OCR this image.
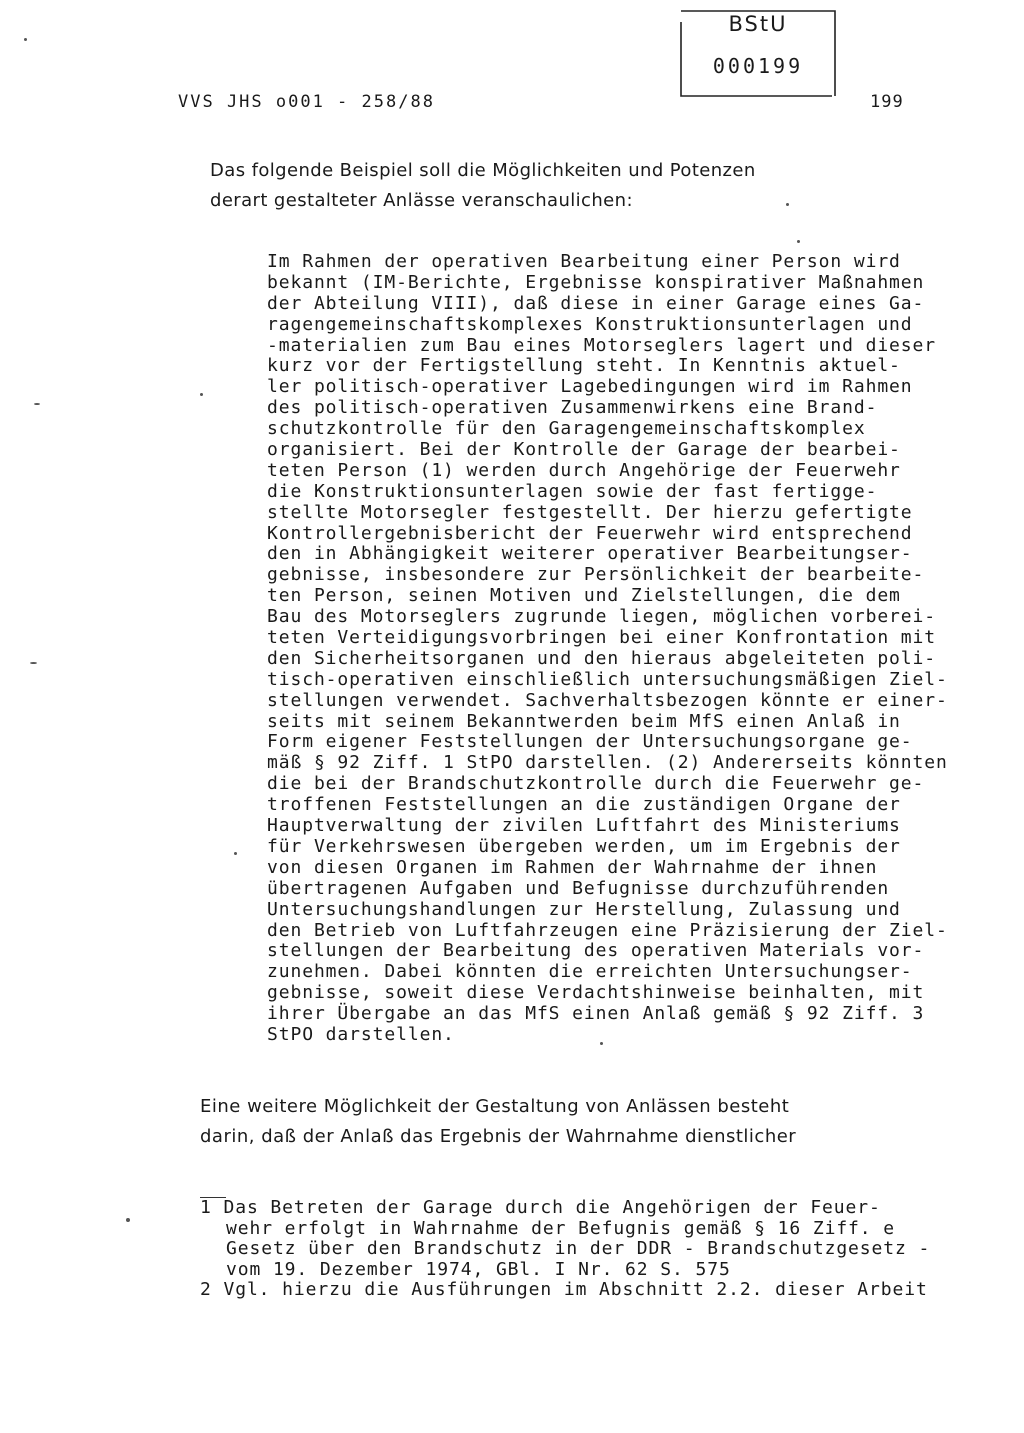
VVS JHS o001 - 258/88
BStU
000199
199
Das folgende Beispiel soll die Möglichkeiten und Potenzen
derart gestalteter Anlässe veranschaulichen:
Im Rahmen der operativen Bearbeitung einer Person wird
bekannt (IM-Berichte, Ergebnisse konspirativer Maßnahmen
der Abteilung VIII), daß diese in einer Garage eines Ga-
ragengemeinschaftskomplexes Konstruktionsunterlagen und
-materialien zum Bau eines Motorseglers lagert und dieser
kurz vor der Fertigstellung steht. In Kenntnis aktuel-
ler politisch-operativer Lagebedingungen wird im Rahmen
des politisch-operativen Zusammenwirkens eine Brand-
schutzkontrolle für den Garagengemeinschaftskomplex
organisiert. Bei der Kontrolle der Garage der bearbei-
teten Person (1) werden durch Angehörige der Feuerwehr
die Konstruktionsunterlagen sowie der fast fertigge-
stellte Motorsegler festgestellt. Der hierzu gefertigte
Kontrollergebnisbericht der Feuerwehr wird entsprechend
den in Abhängigkeit weiterer operativer Bearbeitungser-
gebnisse, insbesondere zur Persönlichkeit der bearbeite-
ten Person, seinen Motiven und Zielstellungen, die dem
Bau des Motorseglers zugrunde liegen, möglichen vorberei-
teten Verteidigungsvorbringen bei einer Konfrontation mit
den Sicherheitsorganen und den hieraus abgeleiteten poli-
tisch-operativen einschließlich untersuchungsmäßigen Ziel-
stellungen verwendet. Sachverhaltsbezogen könnte er einer-
seits mit seinem Bekanntwerden beim MfS einen Anlaß in
Form eigener Feststellungen der Untersuchungsorgane ge-
mäß § 92 Ziff. 1 StPO darstellen. (2) Andererseits könnten
die bei der Brandschutzkontrolle durch die Feuerwehr ge-
troffenen Feststellungen an die zuständigen Organe der
Hauptverwaltung der zivilen Luftfahrt des Ministeriums
für Verkehrswesen übergeben werden, um im Ergebnis der
von diesen Organen im Rahmen der Wahrnahme der ihnen
übertragenen Aufgaben und Befugnisse durchzuführenden
Untersuchungshandlungen zur Herstellung, Zulassung und
den Betrieb von Luftfahrzeugen eine Präzisierung der Ziel-
stellungen der Bearbeitung des operativen Materials vor-
zunehmen. Dabei könnten die erreichten Untersuchungser-
gebnisse, soweit diese Verdachtshinweise beinhalten, mit
ihrer Übergabe an das MfS einen Anlaß gemäß § 92 Ziff. 3
StPO darstellen.
Eine weitere Möglichkeit der Gestaltung von Anlässen besteht
darin, daß der Anlaß das Ergebnis der Wahrnahme dienstlicher
1 Das Betreten der Garage durch die Angehörigen der Feuer-
wehr erfolgt in Wahrnahme der Befugnis gemäß § 16 Ziff. e
Gesetz über den Brandschutz in der DDR - Brandschutzgesetz -
vom 19. Dezember 1974, GBl. I Nr. 62 S. 575
2 Vgl. hierzu die Ausführungen im Abschnitt 2.2. dieser Arbeit
